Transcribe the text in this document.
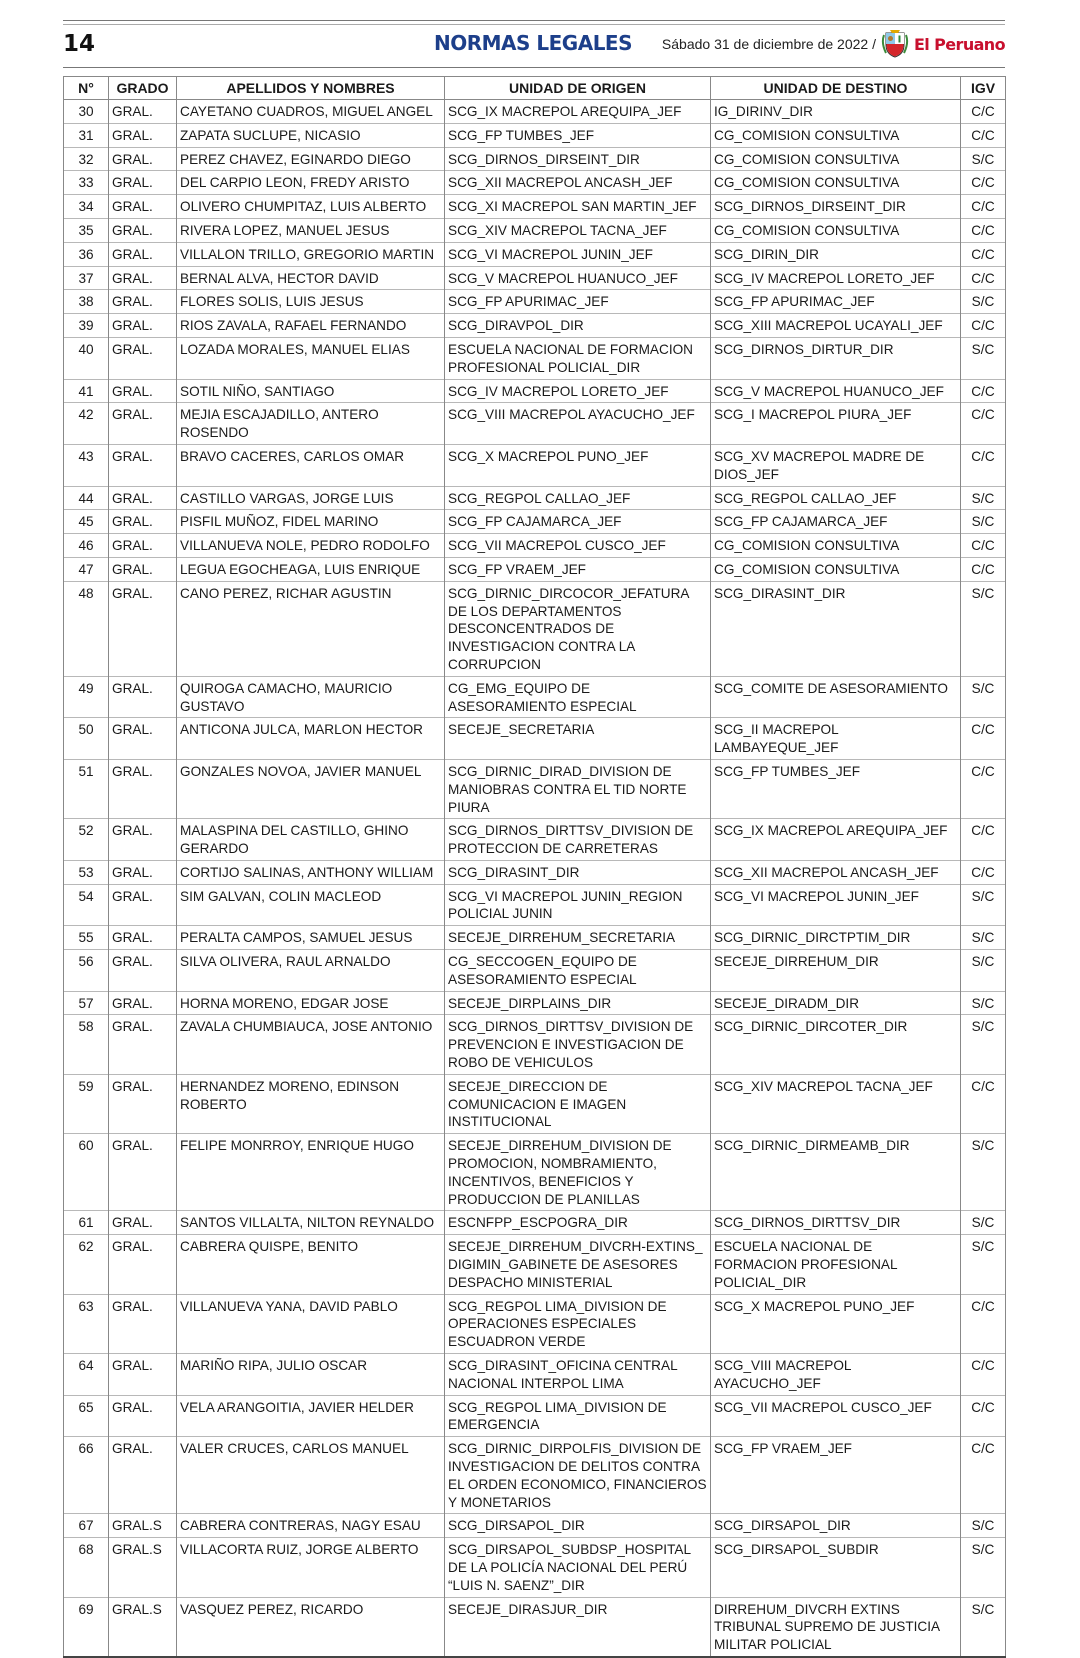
14	NORMAS LEGALES Sábado 31 de diciembre de 2022 / El Peruano
N°	GRADO	APELLIDOS Y NOMBRES	UNIDAD DE ORIGEN	UNIDAD DE DESTINO	IGV
30	GRAL.	CAYETANO CUADROS, MIGUEL ANGEL	SCG_IX MACREPOL AREQUIPA_JEF	IG_DIRINV_DIR	C/C
31	GRAL.	ZAPATA SUCLUPE, NICASIO	SCG_FP TUMBES_JEF	CG_COMISION CONSULTIVA	C/C
32	GRAL.	PEREZ CHAVEZ, EGINARDO DIEGO	SCG_DIRNOS_DIRSEINT_DIR	CG_COMISION CONSULTIVA	S/C
33	GRAL.	DEL CARPIO LEON, FREDY ARISTO	SCG_XII MACREPOL ANCASH_JEF	CG_COMISION CONSULTIVA	C/C
34	GRAL.	OLIVERO CHUMPITAZ, LUIS ALBERTO	SCG_XI MACREPOL SAN MARTIN_JEF	SCG_DIRNOS_DIRSEINT_DIR	C/C
35	GRAL.	RIVERA LOPEZ, MANUEL JESUS	SCG_XIV MACREPOL TACNA_JEF	CG_COMISION CONSULTIVA	C/C
36	GRAL.	VILLALON TRILLO, GREGORIO MARTIN	SCG_VI MACREPOL JUNIN_JEF	SCG_DIRIN_DIR	C/C
37	GRAL.	BERNAL ALVA, HECTOR DAVID	SCG_V MACREPOL HUANUCO_JEF	SCG_IV MACREPOL LORETO_JEF	C/C
38	GRAL.	FLORES SOLIS, LUIS JESUS	SCG_FP APURIMAC_JEF	SCG_FP APURIMAC_JEF	S/C
39	GRAL.	RIOS ZAVALA, RAFAEL FERNANDO	SCG_DIRAVPOL_DIR	SCG_XIII MACREPOL UCAYALI_JEF	C/C
40	GRAL.	LOZADA MORALES, MANUEL ELIAS	ESCUELA NACIONAL DE FORMACION PROFESIONAL POLICIAL_DIR	SCG_DIRNOS_DIRTUR_DIR	S/C
41	GRAL.	SOTIL NIÑO, SANTIAGO	SCG_IV MACREPOL LORETO_JEF	SCG_V MACREPOL HUANUCO_JEF	C/C
42	GRAL.	MEJIA ESCAJADILLO, ANTERO ROSENDO	SCG_VIII MACREPOL AYACUCHO_JEF	SCG_I MACREPOL PIURA_JEF	C/C
43	GRAL.	BRAVO CACERES, CARLOS OMAR	SCG_X MACREPOL PUNO_JEF	SCG_XV MACREPOL MADRE DE DIOS_JEF	C/C
44	GRAL.	CASTILLO VARGAS, JORGE LUIS	SCG_REGPOL CALLAO_JEF	SCG_REGPOL CALLAO_JEF	S/C
45	GRAL.	PISFIL MUÑOZ, FIDEL MARINO	SCG_FP CAJAMARCA_JEF	SCG_FP CAJAMARCA_JEF	S/C
46	GRAL.	VILLANUEVA NOLE, PEDRO RODOLFO	SCG_VII MACREPOL CUSCO_JEF	CG_COMISION CONSULTIVA	C/C
47	GRAL.	LEGUA EGOCHEAGA, LUIS ENRIQUE	SCG_FP VRAEM_JEF	CG_COMISION CONSULTIVA	C/C
48	GRAL.	CANO PEREZ, RICHAR AGUSTIN	SCG_DIRNIC_DIRCOCOR_JEFATURA DE LOS DEPARTAMENTOS DESCONCENTRADOS DE INVESTIGACION CONTRA LA CORRUPCION	SCG_DIRASINT_DIR	S/C
49	GRAL.	QUIROGA CAMACHO, MAURICIO GUSTAVO	CG_EMG_EQUIPO DE ASESORAMIENTO ESPECIAL	SCG_COMITE DE ASESORAMIENTO	S/C
50	GRAL.	ANTICONA JULCA, MARLON HECTOR	SECEJE_SECRETARIA	SCG_II MACREPOL LAMBAYEQUE_JEF	C/C
51	GRAL.	GONZALES NOVOA, JAVIER MANUEL	SCG_DIRNIC_DIRAD_DIVISION DE MANIOBRAS CONTRA EL TID NORTE PIURA	SCG_FP TUMBES_JEF	C/C
52	GRAL.	MALASPINA DEL CASTILLO, GHINO GERARDO	SCG_DIRNOS_DIRTTSV_DIVISION DE PROTECCION DE CARRETERAS	SCG_IX MACREPOL AREQUIPA_JEF	C/C
53	GRAL.	CORTIJO SALINAS, ANTHONY WILLIAM	SCG_DIRASINT_DIR	SCG_XII MACREPOL ANCASH_JEF	C/C
54	GRAL.	SIM GALVAN, COLIN MACLEOD	SCG_VI MACREPOL JUNIN_REGION POLICIAL JUNIN	SCG_VI MACREPOL JUNIN_JEF	S/C
55	GRAL.	PERALTA CAMPOS, SAMUEL JESUS	SECEJE_DIRREHUM_SECRETARIA	SCG_DIRNIC_DIRCTPTIM_DIR	S/C
56	GRAL.	SILVA OLIVERA, RAUL ARNALDO	CG_SECCOGEN_EQUIPO DE ASESORAMIENTO ESPECIAL	SECEJE_DIRREHUM_DIR	S/C
57	GRAL.	HORNA MORENO, EDGAR JOSE	SECEJE_DIRPLAINS_DIR	SECEJE_DIRADM_DIR	S/C
58	GRAL.	ZAVALA CHUMBIAUCA, JOSE ANTONIO	SCG_DIRNOS_DIRTTSV_DIVISION DE PREVENCION E INVESTIGACION DE ROBO DE VEHICULOS	SCG_DIRNIC_DIRCOTER_DIR	S/C
59	GRAL.	HERNANDEZ MORENO, EDINSON ROBERTO	SECEJE_DIRECCION DE COMUNICACION E IMAGEN INSTITUCIONAL	SCG_XIV MACREPOL TACNA_JEF	C/C
60	GRAL.	FELIPE MONRROY, ENRIQUE HUGO	SECEJE_DIRREHUM_DIVISION DE PROMOCION, NOMBRAMIENTO, INCENTIVOS, BENEFICIOS Y PRODUCCION DE PLANILLAS	SCG_DIRNIC_DIRMEAMB_DIR	S/C
61	GRAL.	SANTOS VILLALTA, NILTON REYNALDO	ESCNFPP_ESCPOGRA_DIR	SCG_DIRNOS_DIRTTSV_DIR	S/C
62	GRAL.	CABRERA QUISPE, BENITO	SECEJE_DIRREHUM_DIVCRH-EXTINS_ DIGIMIN_GABINETE DE ASESORES DESPACHO MINISTERIAL	ESCUELA NACIONAL DE FORMACION PROFESIONAL POLICIAL_DIR	S/C
63	GRAL.	VILLANUEVA YANA, DAVID PABLO	SCG_REGPOL LIMA_DIVISION DE OPERACIONES ESPECIALES ESCUADRON VERDE	SCG_X MACREPOL PUNO_JEF	C/C
64	GRAL.	MARIÑO RIPA, JULIO OSCAR	SCG_DIRASINT_OFICINA CENTRAL NACIONAL INTERPOL LIMA	SCG_VIII MACREPOL AYACUCHO_JEF	C/C
65	GRAL.	VELA ARANGOITIA, JAVIER HELDER	SCG_REGPOL LIMA_DIVISION DE EMERGENCIA	SCG_VII MACREPOL CUSCO_JEF	C/C
66	GRAL.	VALER CRUCES, CARLOS MANUEL	SCG_DIRNIC_DIRPOLFIS_DIVISION DE INVESTIGACION DE DELITOS CONTRA EL ORDEN ECONOMICO, FINANCIEROS Y MONETARIOS	SCG_FP VRAEM_JEF	C/C
67	GRAL.S	CABRERA CONTRERAS, NAGY ESAU	SCG_DIRSAPOL_DIR	SCG_DIRSAPOL_DIR	S/C
68	GRAL.S	VILLACORTA RUIZ, JORGE ALBERTO	SCG_DIRSAPOL_SUBDSP_HOSPITAL DE LA POLICÍA NACIONAL DEL PERÚ “LUIS N. SAENZ”_DIR	SCG_DIRSAPOL_SUBDIR	S/C
69	GRAL.S	VASQUEZ PEREZ, RICARDO	SECEJE_DIRASJUR_DIR	DIRREHUM_DIVCRH EXTINS TRIBUNAL SUPREMO DE JUSTICIA MILITAR POLICIAL	S/C
